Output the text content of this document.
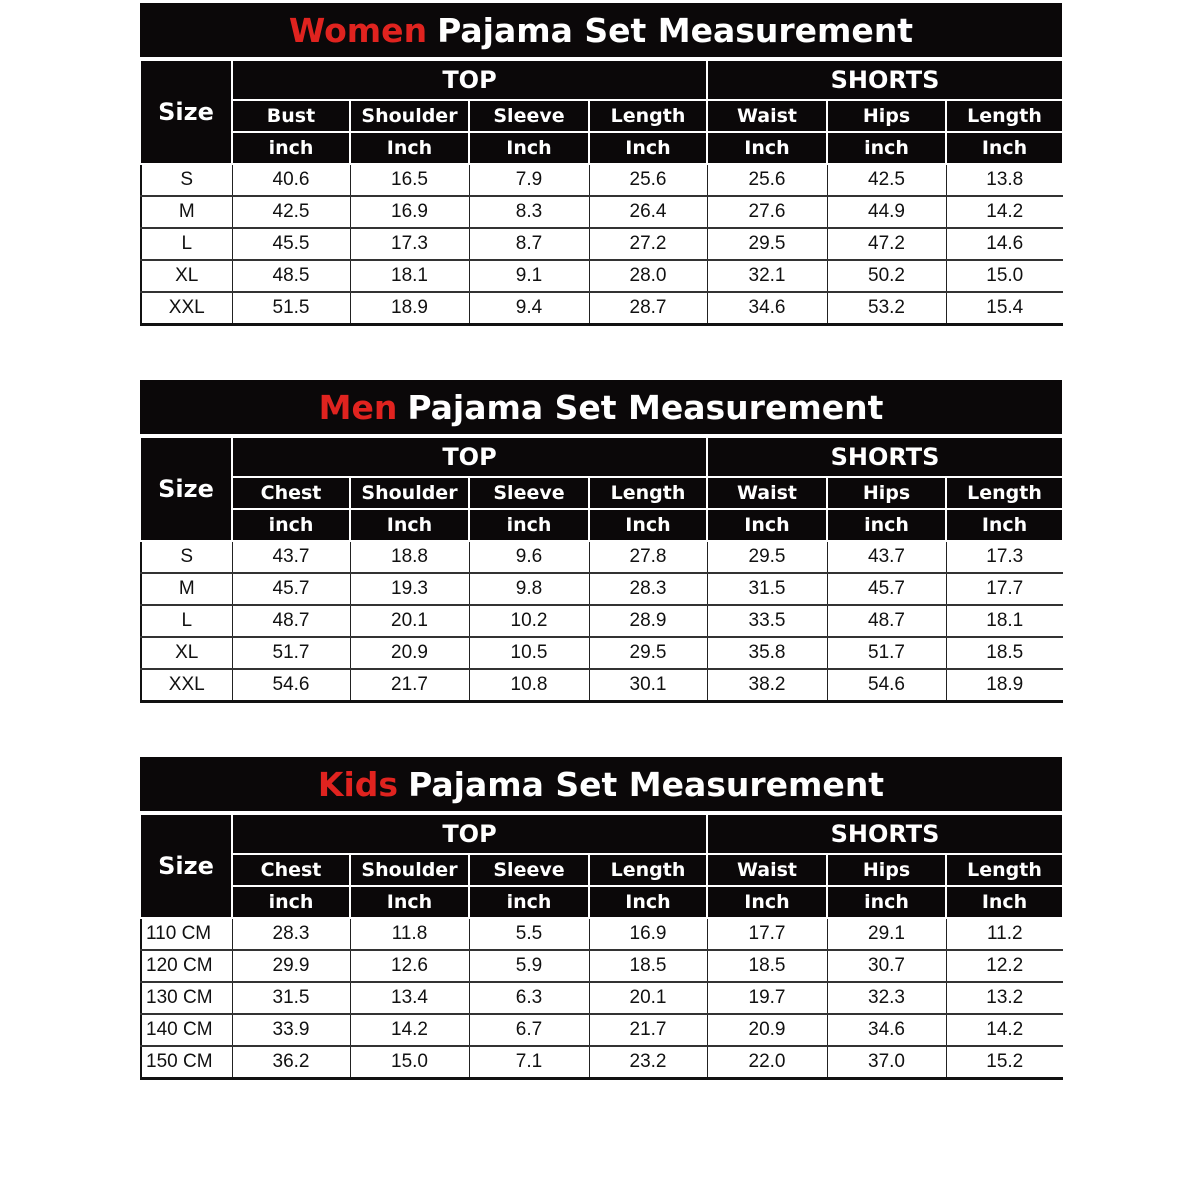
Women Pajama Set Measurement
Size	TOP				SHORTS		
	Bust	Shoulder	Sleeve	Length	Waist	Hips	Length
	inch	Inch	Inch	Inch	Inch	inch	Inch
S	40.6	16.5	7.9	25.6	25.6	42.5	13.8
M	42.5	16.9	8.3	26.4	27.6	44.9	14.2
L	45.5	17.3	8.7	27.2	29.5	47.2	14.6
XL	48.5	18.1	9.1	28.0	32.1	50.2	15.0
XXL	51.5	18.9	9.4	28.7	34.6	53.2	15.4
Men Pajama Set Measurement
Size	TOP				SHORTS		
	Chest	Shoulder	Sleeve	Length	Waist	Hips	Length
	inch	Inch	inch	Inch	Inch	inch	Inch
S	43.7	18.8	9.6	27.8	29.5	43.7	17.3
M	45.7	19.3	9.8	28.3	31.5	45.7	17.7
L	48.7	20.1	10.2	28.9	33.5	48.7	18.1
XL	51.7	20.9	10.5	29.5	35.8	51.7	18.5
XXL	54.6	21.7	10.8	30.1	38.2	54.6	18.9
Kids Pajama Set Measurement
Size	TOP				SHORTS		
	Chest	Shoulder	Sleeve	Length	Waist	Hips	Length
	inch	Inch	inch	Inch	Inch	inch	Inch
110 CM	28.3	11.8	5.5	16.9	17.7	29.1	11.2
120 CM	29.9	12.6	5.9	18.5	18.5	30.7	12.2
130 CM	31.5	13.4	6.3	20.1	19.7	32.3	13.2
140 CM	33.9	14.2	6.7	21.7	20.9	34.6	14.2
150 CM	36.2	15.0	7.1	23.2	22.0	37.0	15.2
